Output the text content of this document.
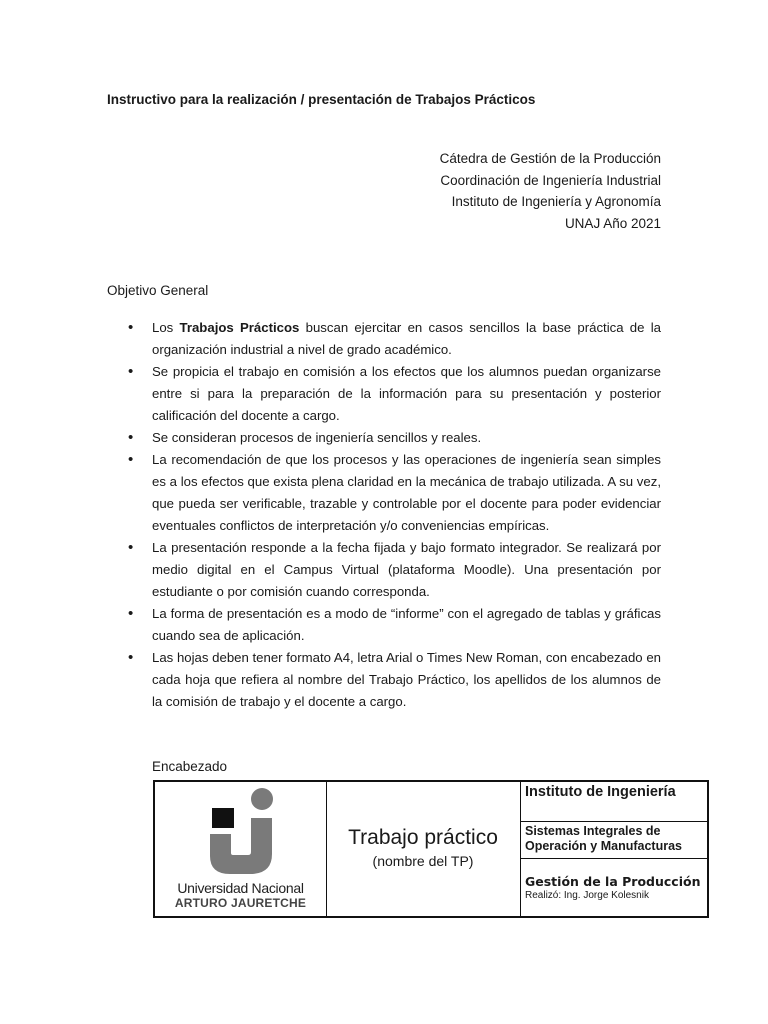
Instructivo para la realización / presentación de Trabajos Prácticos
Cátedra de Gestión de la Producción
Coordinación de Ingeniería Industrial
Instituto de Ingeniería y Agronomía
UNAJ Año 2021
Objetivo General
• Los Trabajos Prácticos buscan ejercitar en casos sencillos la base práctica de la organización industrial a nivel de grado académico.
• Se propicia el trabajo en comisión a los efectos que los alumnos puedan organizarse entre si para la preparación de la información para su presentación y posterior calificación del docente a cargo.
• Se consideran procesos de ingeniería sencillos y reales.
• La recomendación de que los procesos y las operaciones de ingeniería sean simples es a los efectos que exista plena claridad en la mecánica de trabajo utilizada. A su vez, que pueda ser verificable, trazable y controlable por el docente para poder evidenciar eventuales conflictos de interpretación y/o conveniencias empíricas.
• La presentación responde a la fecha fijada y bajo formato integrador. Se realizará por medio digital en el Campus Virtual (plataforma Moodle). Una presentación por estudiante o por comisión cuando corresponda.
• La forma de presentación es a modo de “informe” con el agregado de tablas y gráficas cuando sea de aplicación.
• Las hojas deben tener formato A4, letra Arial o Times New Roman, con encabezado en cada hoja que refiera al nombre del Trabajo Práctico, los apellidos de los alumnos de la comisión de trabajo y el docente a cargo.
Encabezado
Universidad Nacional
ARTURO JAURETCHE
Trabajo práctico
(nombre del TP)
Instituto de Ingeniería
Sistemas Integrales de
Operación y Manufacturas
Gestión de la Producción
Realizó: Ing. Jorge Kolesnik
